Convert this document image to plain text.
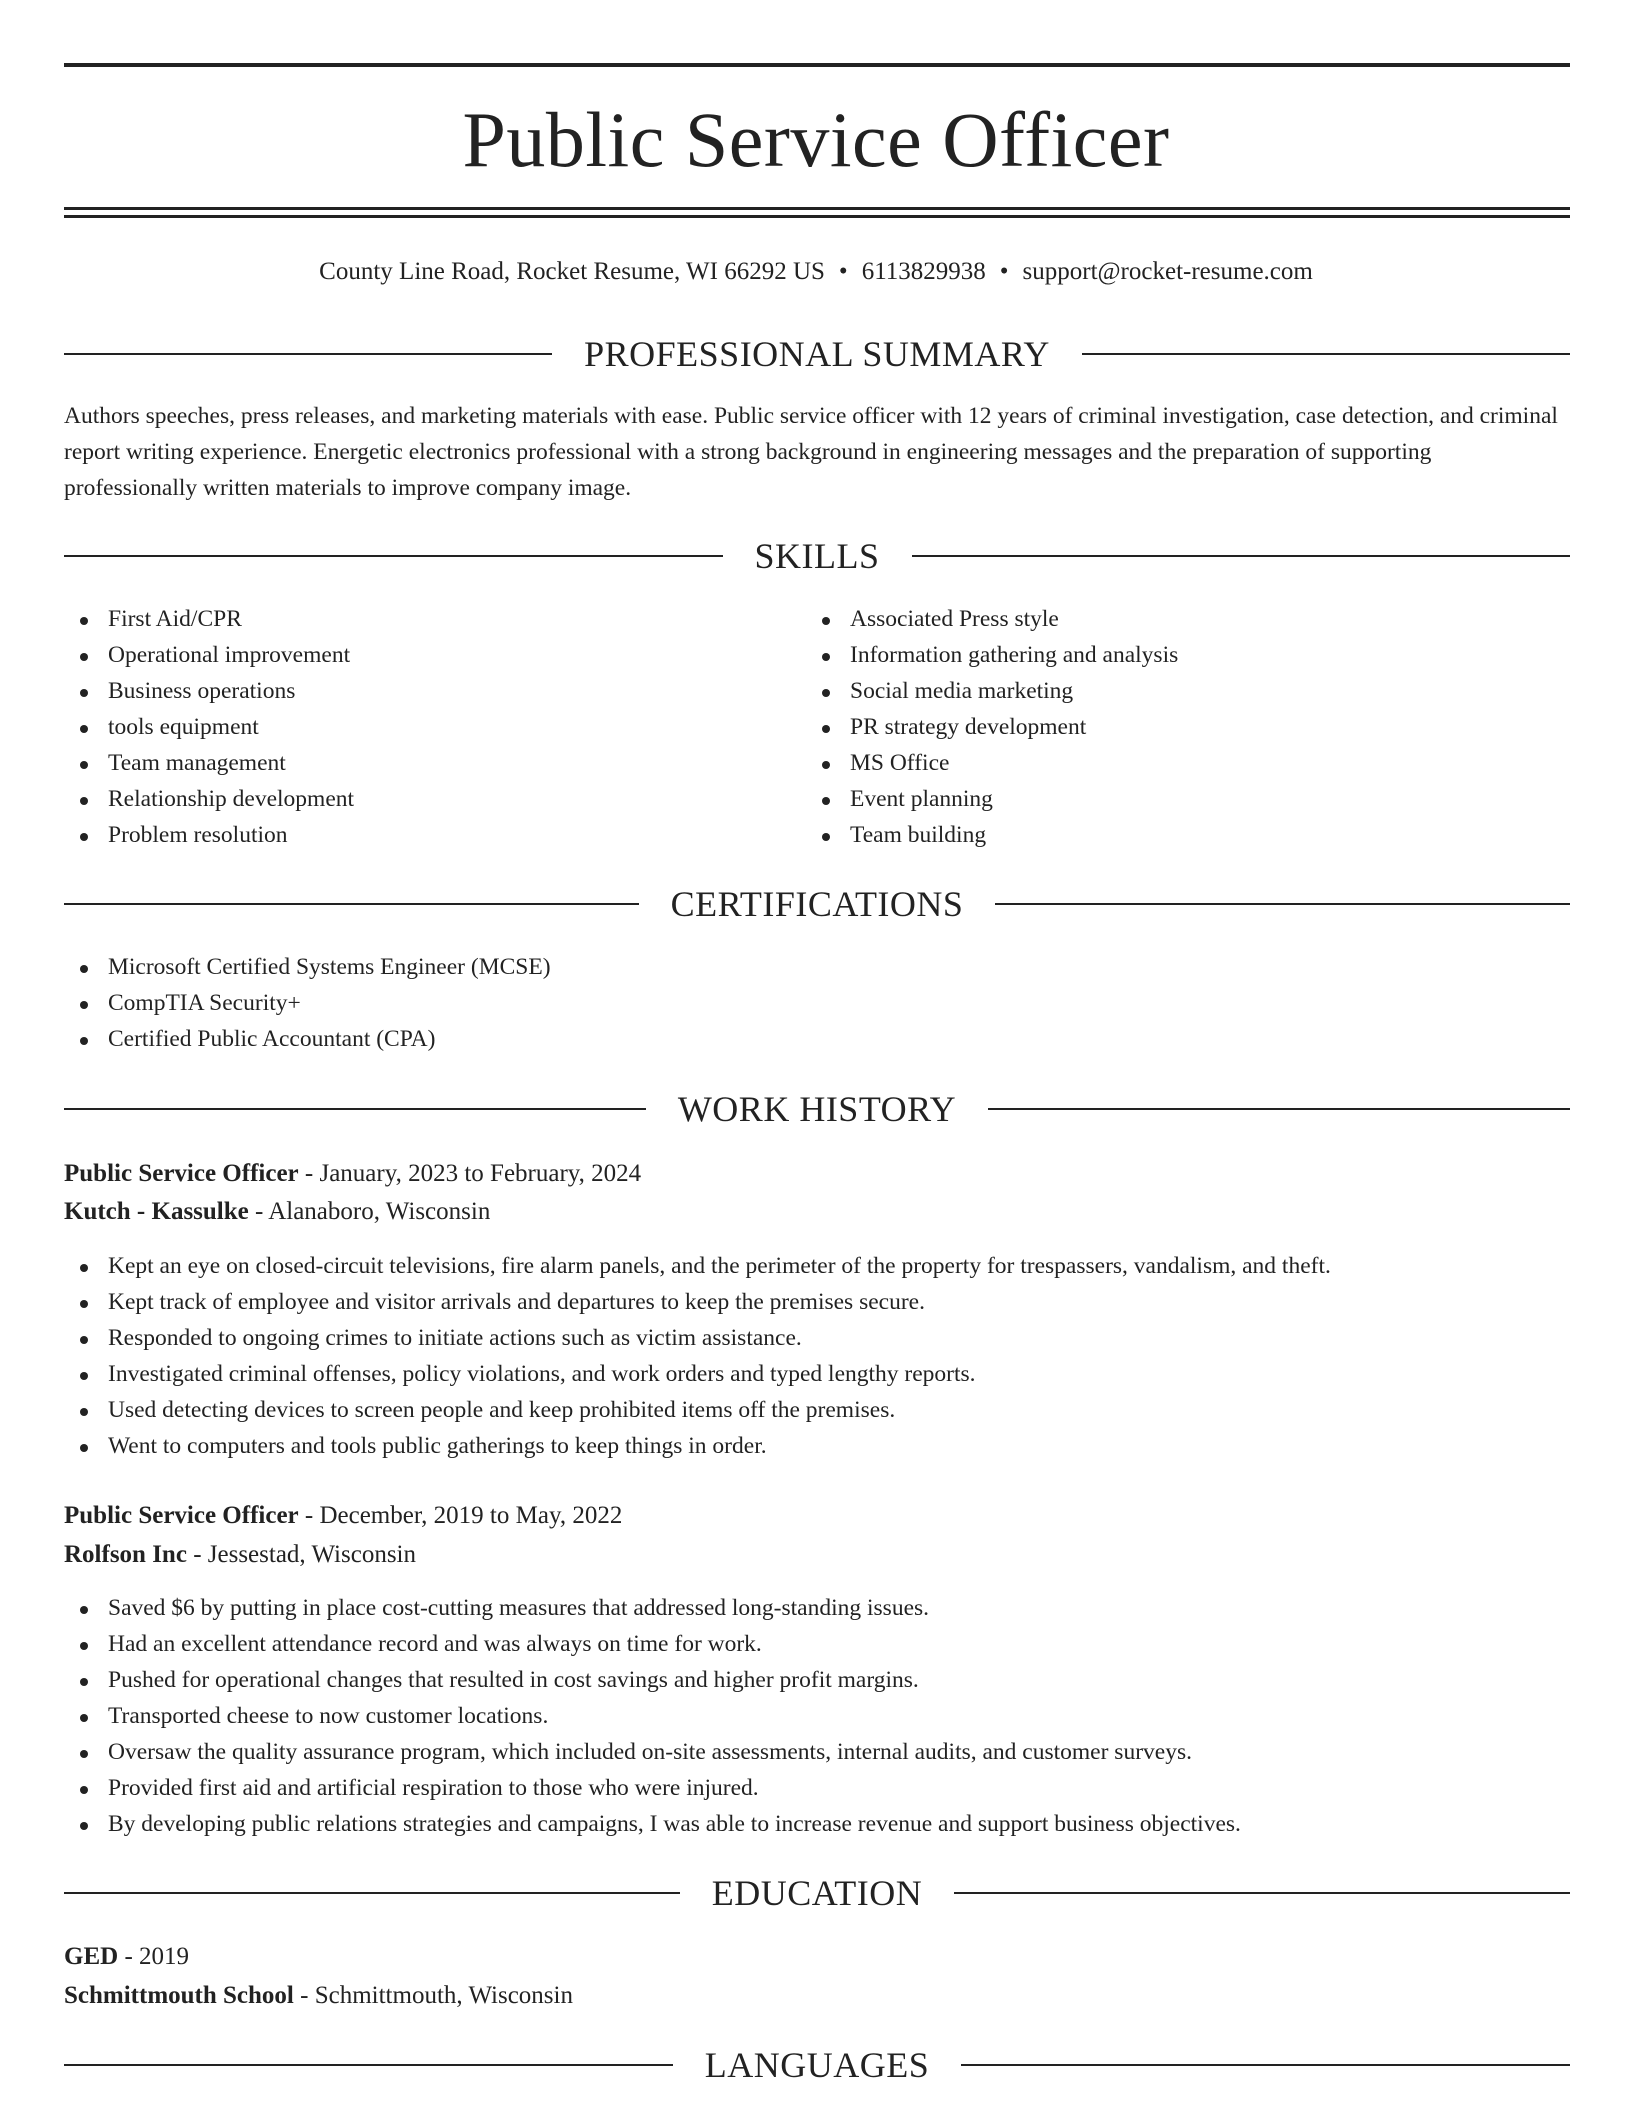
Public Service Officer
County Line Road, Rocket Resume, WI 66292 US • 6113829938 • support@rocket-resume.com
PROFESSIONAL SUMMARY
Authors speeches, press releases, and marketing materials with ease. Public service officer with 12 years of criminal investigation, case detection, and criminal report writing experience. Energetic electronics professional with a strong background in engineering messages and the preparation of supporting professionally written materials to improve company image.
SKILLS
First Aid/CPR
Operational improvement
Business operations
tools equipment
Team management
Relationship development
Problem resolution
Associated Press style
Information gathering and analysis
Social media marketing
PR strategy development
MS Office
Event planning
Team building
CERTIFICATIONS
Microsoft Certified Systems Engineer (MCSE)
CompTIA Security+
Certified Public Accountant (CPA)
WORK HISTORY
Public Service Officer - January, 2023 to February, 2024
Kutch - Kassulke - Alanaboro, Wisconsin
Kept an eye on closed-circuit televisions, fire alarm panels, and the perimeter of the property for trespassers, vandalism, and theft.
Kept track of employee and visitor arrivals and departures to keep the premises secure.
Responded to ongoing crimes to initiate actions such as victim assistance.
Investigated criminal offenses, policy violations, and work orders and typed lengthy reports.
Used detecting devices to screen people and keep prohibited items off the premises.
Went to computers and tools public gatherings to keep things in order.
Public Service Officer - December, 2019 to May, 2022
Rolfson Inc - Jessestad, Wisconsin
Saved $6 by putting in place cost-cutting measures that addressed long-standing issues.
Had an excellent attendance record and was always on time for work.
Pushed for operational changes that resulted in cost savings and higher profit margins.
Transported cheese to now customer locations.
Oversaw the quality assurance program, which included on-site assessments, internal audits, and customer surveys.
Provided first aid and artificial respiration to those who were injured.
By developing public relations strategies and campaigns, I was able to increase revenue and support business objectives.
EDUCATION
GED - 2019
Schmittmouth School - Schmittmouth, Wisconsin
LANGUAGES
